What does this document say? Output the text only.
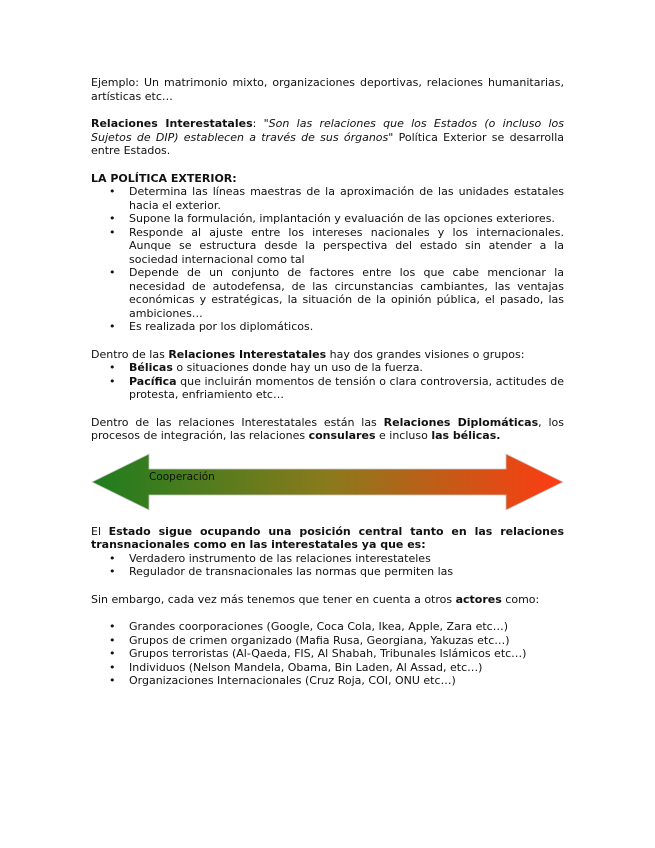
Ejemplo: Un matrimonio mixto, organizaciones deportivas, relaciones humanitarias, artísticas etc…

Relaciones Interestatales: "Son las relaciones que los Estados (o incluso los Sujetos de DIP) establecen a través de sus órganos" Política Exterior se desarrolla entre Estados.

LA POLÍTICA EXTERIOR:

• Determina las líneas maestras de la aproximación de las unidades estatales hacia el exterior.
• Supone la formulación, implantación y evaluación de las opciones exteriores.
• Responde al ajuste entre los intereses nacionales y los internacionales. Aunque se estructura desde la perspectiva del estado sin atender a la sociedad internacional como tal
• Depende de un conjunto de factores entre los que cabe mencionar la necesidad de autodefensa, de las circunstancias cambiantes, las ventajas económicas y estratégicas, la situación de la opinión pública, el pasado, las ambiciones…
• Es realizada por los diplomáticos.

Dentro de las Relaciones Interestatales hay dos grandes visiones o grupos:

• Bélicas o situaciones donde hay un uso de la fuerza.
• Pacífica que incluirán momentos de tensión o clara controversia, actitudes de protesta, enfriamiento etc…

Dentro de las relaciones Interestatales están las Relaciones Diplomáticas, los procesos de integración, las relaciones consulares e incluso las bélicas.

Cooperación

El Estado sigue ocupando una posición central tanto en las relaciones transnacionales como en las interestatales ya que es:

• Verdadero instrumento de las relaciones interestateles
• Regulador de transnacionales las normas que permiten las

Sin embargo, cada vez más tenemos que tener en cuenta a otros actores como:

• Grandes coorporaciones (Google, Coca Cola, Ikea, Apple, Zara etc…)
• Grupos de crimen organizado (Mafia Rusa, Georgiana, Yakuzas etc…)
• Grupos terroristas (Al-Qaeda, FIS, Al Shabah, Tribunales Islámicos etc…)
• Individuos (Nelson Mandela, Obama, Bin Laden, Al Assad, etc…)
• Organizaciones Internacionales (Cruz Roja, COI, ONU etc…)
